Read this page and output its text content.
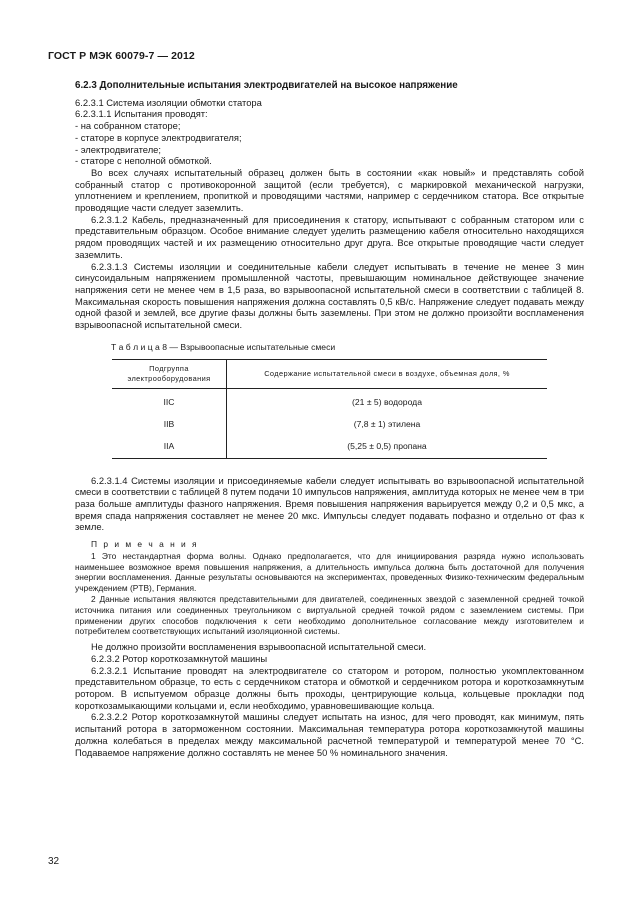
ГОСТ Р МЭК 60079-7 — 2012
6.2.3 Дополнительные испытания электродвигателей на высокое напряжение

6.2.3.1 Система изоляции обмотки статора

6.2.3.1.1 Испытания проводят:

- на собранном статоре;

- статоре в корпусе электродвигателя;

- электродвигателе;

- статоре с неполной обмоткой.

Во всех случаях испытательный образец должен быть в состоянии «как новый» и представлять собой собранный статор с противокоронной защитой (если требуется), с маркировкой механической нагрузки, уплотнением и креплением, пропиткой и проводящими частями, например с сердечником статора. Все открытые проводящие части следует заземлить.

6.2.3.1.2 Кабель, предназначенный для присоединения к статору, испытывают с собранным статором или с представительным образцом. Особое внимание следует уделить размещению кабеля относительно находящихся рядом проводящих частей и их размещению относительно друг друга. Все открытые проводящие части следует заземлить.

6.2.3.1.3 Системы изоляции и соединительные кабели следует испытывать в течение не менее 3 мин синусоидальным напряжением промышленной частоты, превышающим номинальное действующее значение напряжения сети не менее чем в 1,5 раза, во взрывоопасной испытательной смеси в соответствии с таблицей 8. Максимальная скорость повышения напряжения должна составлять 0,5 кВ/с. Напряжение следует подавать между одной фазой и землей, все другие фазы должны быть заземлены. При этом не должно произойти воспламенения взрывоопасной испытательной смеси.

Т а б л и ц а 8 — Взрывоопасные испытательные смеси
Подгруппа электрооборудования	Содержание испытательной смеси в воздухе, объемная доля, %
IIC	(21 ± 5) водорода
IIB	(7,8 ± 1) этилена
IIA	(5,25 ± 0,5) пропана

6.2.3.1.4 Системы изоляции и присоединяемые кабели следует испытывать во взрывоопасной испытательной смеси в соответствии с таблицей 8 путем подачи 10 импульсов напряжения, амплитуда которых не менее чем в три раза больше амплитуды фазного напряжения. Время повышения напряжения варьируется между 0,2 и 0,5 мкс, а время спада напряжения составляет не менее 20 мкс. Импульсы следует подавать пофазно и отдельно от фаз к земле.

П р и м е ч а н и я

1 Это нестандартная форма волны. Однако предполагается, что для инициирования разряда нужно использовать наименьшее возможное время повышения напряжения, а длительность импульса должна быть достаточной для получения энергии воспламенения. Данные результаты основываются на экспериментах, проведенных Физико-техническим федеральным учреждением (PTB), Германия.

2 Данные испытания являются представительными для двигателей, соединенных звездой с заземленной средней точкой источника питания или соединенных треугольником с виртуальной средней точкой рядом с заземлением системы. При применении других способов подключения к сети необходимо дополнительное согласование между изготовителем и потребителем соответствующих испытаний изоляционной системы.

Не должно произойти воспламенения взрывоопасной испытательной смеси.

6.2.3.2 Ротор короткозамкнутой машины

6.2.3.2.1 Испытание проводят на электродвигателе со статором и ротором, полностью укомплектованном представительном образце, то есть с сердечником статора и обмоткой и сердечником ротора и короткозамкнутым ротором. В испытуемом образце должны быть проходы, центрирующие кольца, кольцевые прокладки под короткозамыкающими кольцами и, если необходимо, уравновешивающие кольца.

6.2.3.2.2 Ротор короткозамкнутой машины следует испытать на износ, для чего проводят, как минимум, пять испытаний ротора в заторможенном состоянии. Максимальная температура ротора короткозамкнутой машины должна колебаться в пределах между максимальной расчетной температурой и температурой менее 70 °С. Подаваемое напряжение должно составлять не менее 50 % номинального значения.

32
